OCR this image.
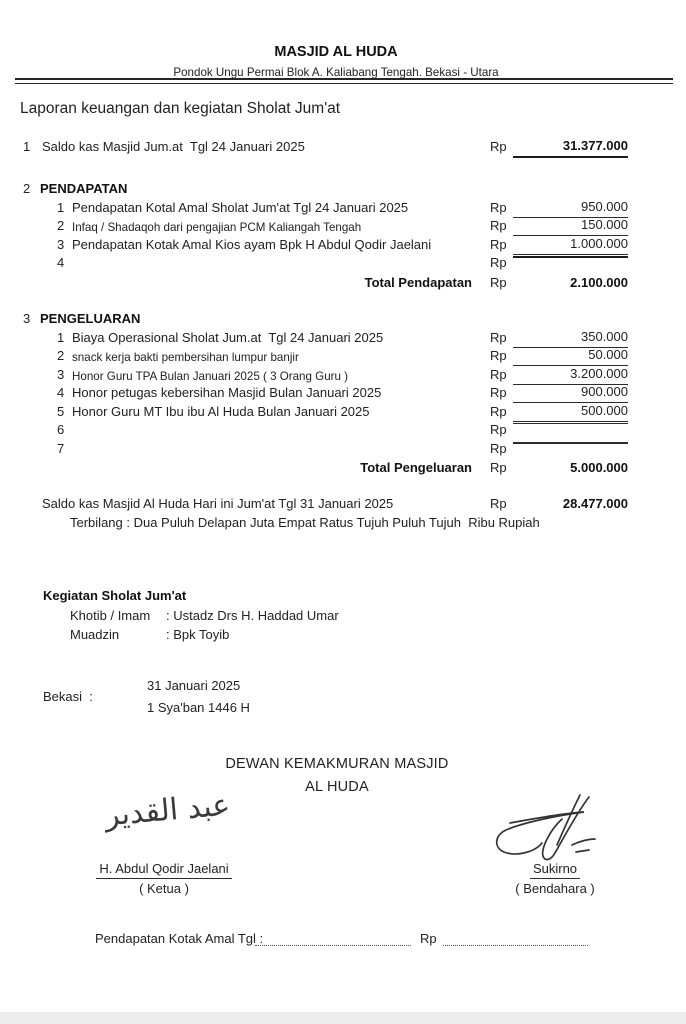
MASJID AL HUDA
Pondok Ungu Permai Blok A. Kaliabang Tengah. Bekasi - Utara
Laporan keuangan dan kegiatan Sholat Jum'at
1 Saldo kas Masjid Jum.at  Tgl 24 Januari 2025	Rp	31.377.000
2 PENDAPATAN
1 Pendapatan Kotal Amal Sholat Jum'at Tgl 24 Januari 2025	Rp	950.000
2 Infaq / Shadaqoh dari pengajian PCM Kaliangah Tengah	Rp	150.000
3 Pendapatan Kotak Amal Kios ayam Bpk H Abdul Qodir Jaelani	Rp	1.000.000
4	Rp
Total Pendapatan Rp	2.100.000
3 PENGELUARAN
1 Biaya Operasional Sholat Jum.at  Tgl 24 Januari 2025	Rp	350.000
2 snack kerja bakti pembersihan lumpur banjir	Rp	50.000
3 Honor Guru TPA Bulan Januari 2025 ( 3 Orang Guru )	Rp	3.200.000
4 Honor petugas kebersihan Masjid Bulan Januari 2025	Rp	900.000
5 Honor Guru MT Ibu ibu Al Huda Bulan Januari 2025	Rp	500.000
6	Rp
7	Rp
Total Pengeluaran Rp	5.000.000
Saldo kas Masjid Al Huda Hari ini Jum'at Tgl 31 Januari 2025	Rp	28.477.000
Terbilang : Dua Puluh Delapan Juta Empat Ratus Tujuh Puluh Tujuh  Ribu Rupiah
Kegiatan Sholat Jum'at
Khotib / Imam : Ustadz Drs H. Haddad Umar
Muadzin	: Bpk Toyib
Bekasi  :
31 Januari 2025
1 Sya'ban 1446 H
DEWAN KEMAKMURAN MASJID
AL HUDA
عبد القدير
H. Abdul Qodir Jaelani
( Ketua )
Sukirno
( Bendahara )
Pendapatan Kotak Amal Tgl :	Rp
